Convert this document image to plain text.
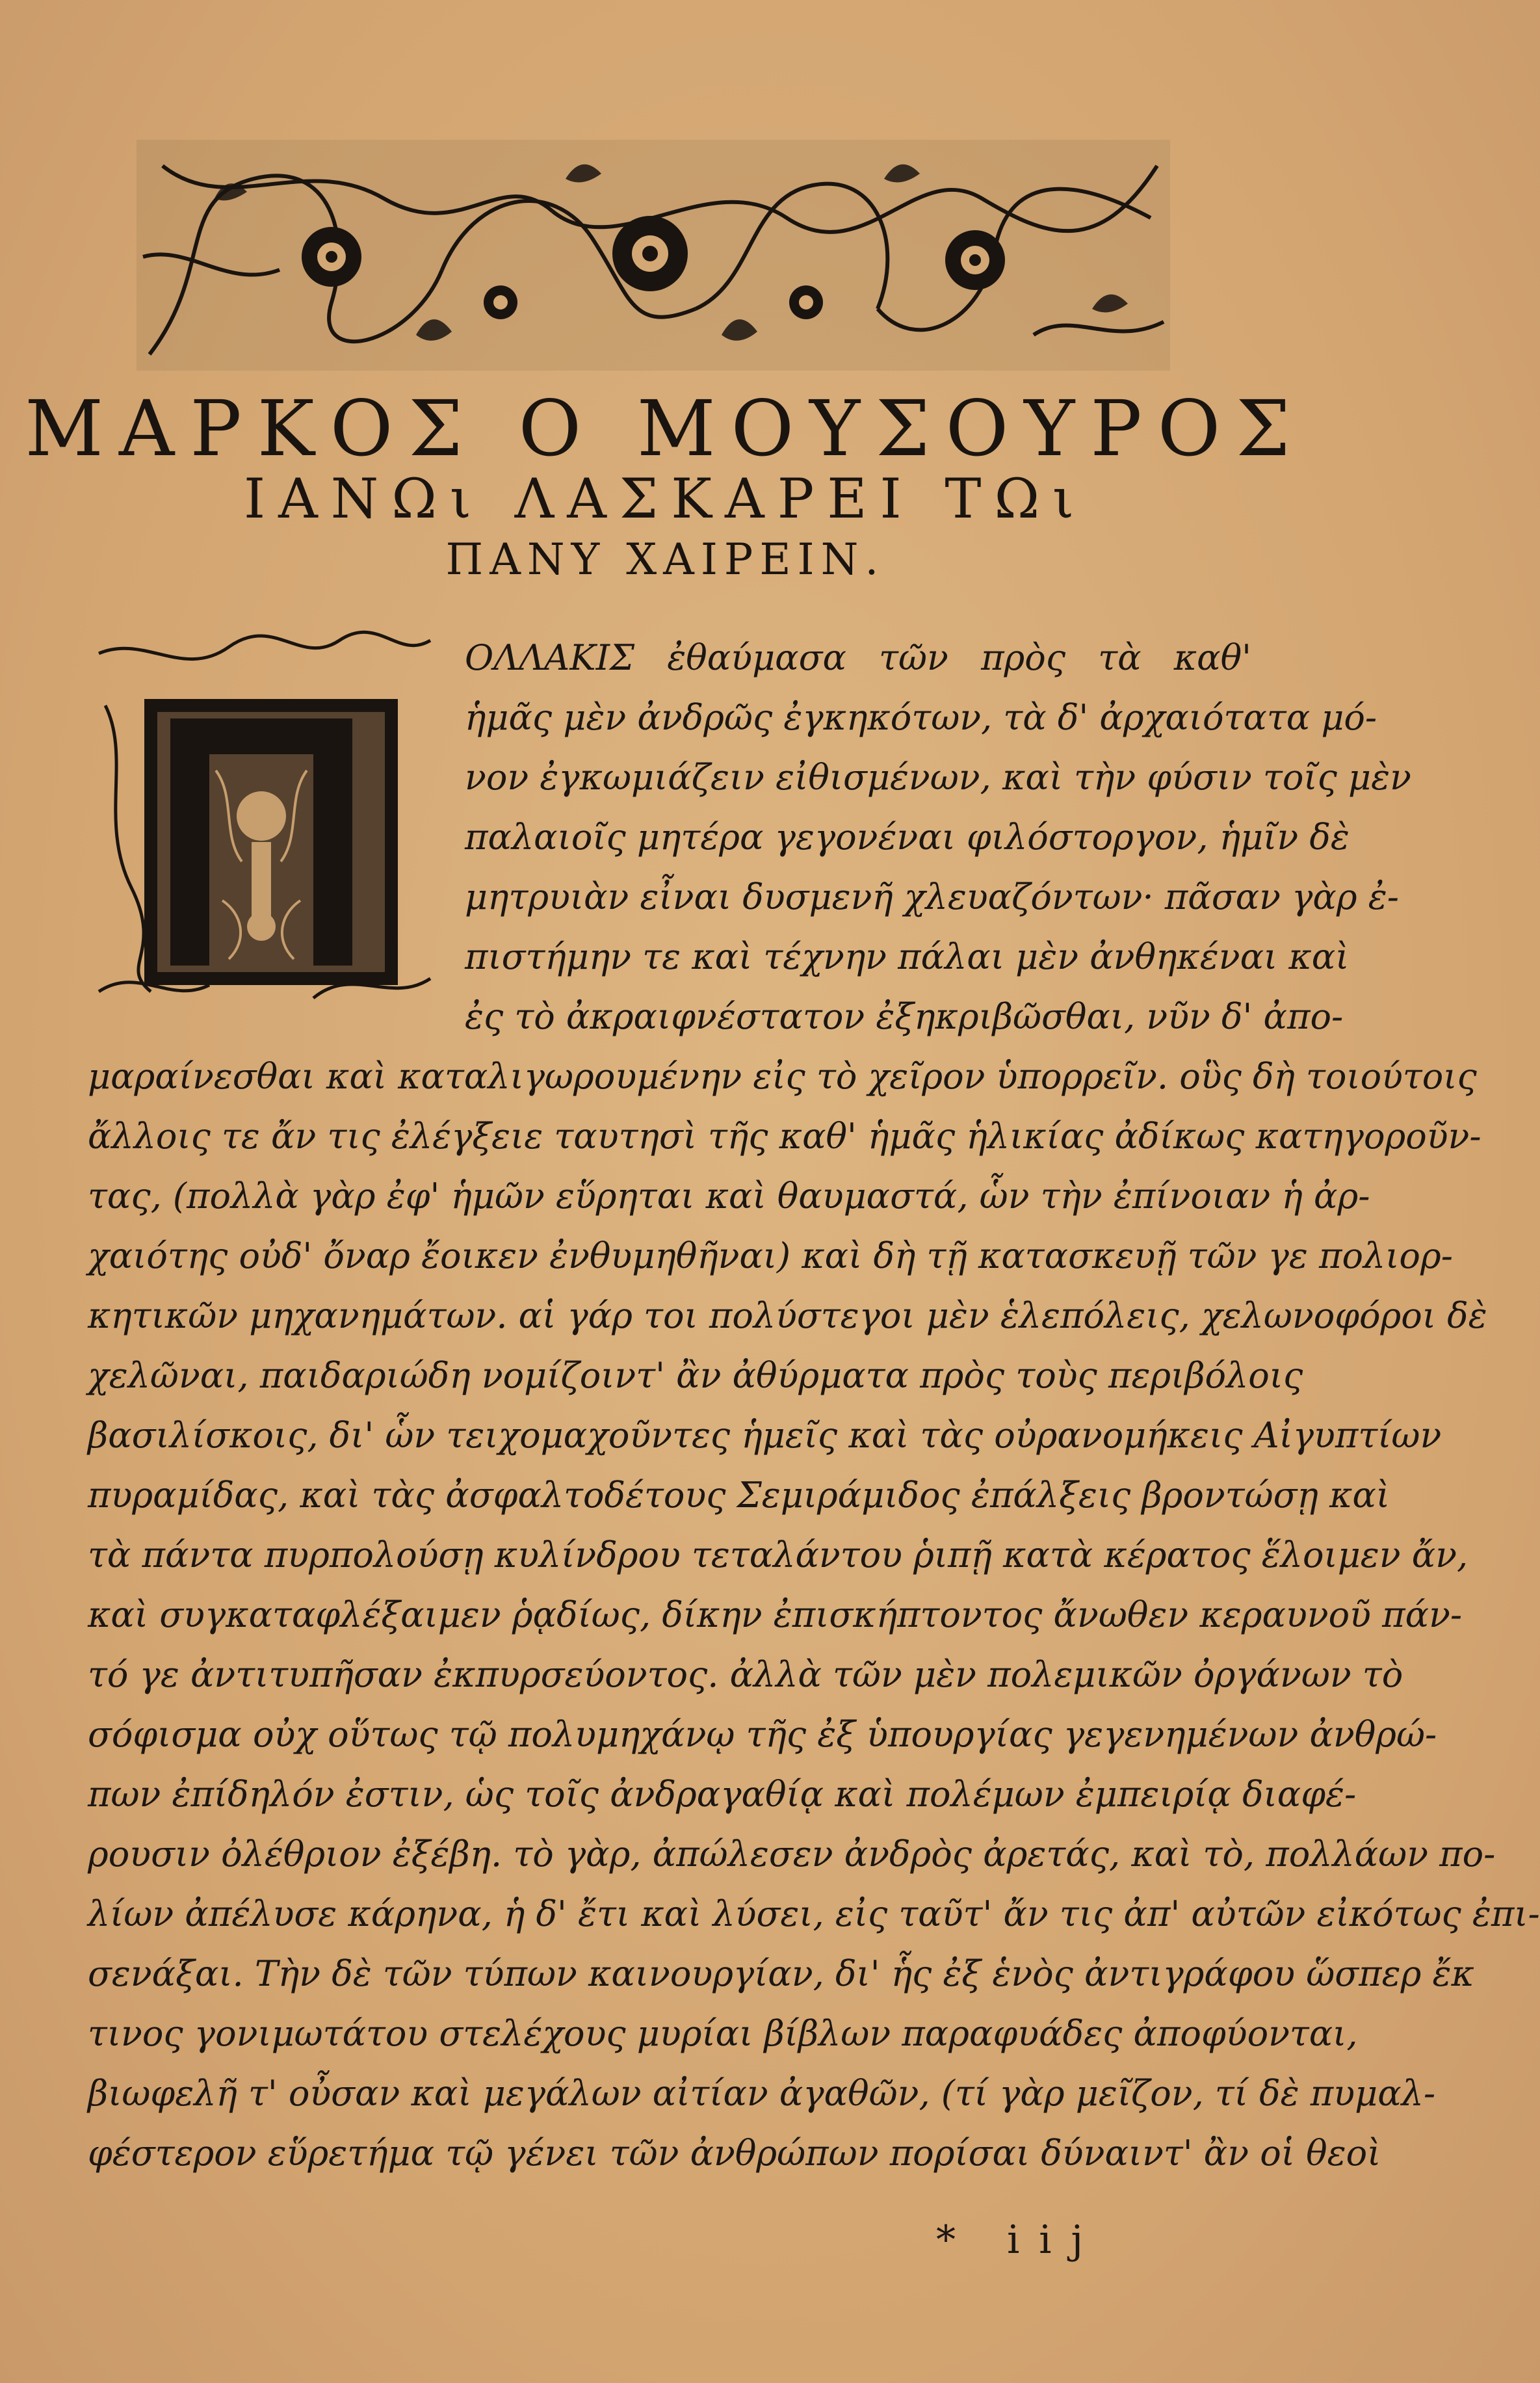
ΜΑΡΚΟΣ Ο ΜΟΥΣΟΥΡΟΣ
ΙΑΝΩι ΛΑΣΚΑΡΕΙ ΤΩι
ΠΑΝΥ ΧΑΙΡΕΙΝ.
ΟΛΛΑΚΙΣ ἐθαύμασα τῶν πρὸς τὰ καθ'
ἡμᾶς μὲν ἀνδρῶς ἐγκηκότων, τὰ δ' ἀρχαιότατα μό-
νον ἐγκωμιάζειν εἰθισμένων, καὶ τὴν φύσιν τοῖς μὲν
παλαιοῖς μητέρα γεγονέναι φιλόστοργον, ἡμῖν δὲ
μητρυιὰν εἶναι δυσμενῆ χλευαζόντων· πᾶσαν γὰρ ἐ-
πιστήμην τε καὶ τέχνην πάλαι μὲν ἀνθηκέναι καὶ
ἐς τὸ ἀκραιφνέστατον ἐξηκριβῶσθαι, νῦν δ' ἀπο-
μαραίνεσθαι καὶ καταλιγωρουμένην εἰς τὸ χεῖρον ὑπορρεῖν. οὓς δὴ τοιούτοις
ἄλλοις τε ἄν τις ἐλέγξειε ταυτησὶ τῆς καθ' ἡμᾶς ἡλικίας ἀδίκως κατηγοροῦν-
τας, (πολλὰ γὰρ ἐφ' ἡμῶν εὕρηται καὶ θαυμαστά, ὧν τὴν ἐπίνοιαν ἡ ἀρ-
χαιότης οὐδ' ὄναρ ἔοικεν ἐνθυμηθῆναι) καὶ δὴ τῇ κατασκευῇ τῶν γε πολιορ-
κητικῶν μηχανημάτων. αἱ γάρ τοι πολύστεγοι μὲν ἑλεπόλεις, χελωνοφόροι δὲ
χελῶναι, παιδαριώδη νομίζοιντ' ἂν ἀθύρματα πρὸς τοὺς περιβόλοις
βασιλίσκοις, δι' ὧν τειχομαχοῦντες ἡμεῖς καὶ τὰς οὐρανομήκεις Αἰγυπτίων
πυραμίδας, καὶ τὰς ἀσφαλτοδέτους Σεμιράμιδος ἐπάλξεις βροντώσῃ καὶ
τὰ πάντα πυρπολούσῃ κυλίνδρου τεταλάντου ῥιπῇ κατὰ κέρατος ἕλοιμεν ἄν,
καὶ συγκαταφλέξαιμεν ῥᾳδίως, δίκην ἐπισκήπτοντος ἄνωθεν κεραυνοῦ πάν-
τό γε ἀντιτυπῆσαν ἐκπυρσεύοντος. ἀλλὰ τῶν μὲν πολεμικῶν ὀργάνων τὸ
σόφισμα οὐχ οὕτως τῷ πολυμηχάνῳ τῆς ἐξ ὑπουργίας γεγενημένων ἀνθρώ-
πων ἐπίδηλόν ἐστιν, ὡς τοῖς ἀνδραγαθίᾳ καὶ πολέμων ἐμπειρίᾳ διαφέ-
ρουσιν ὀλέθριον ἐξέβη. τὸ γὰρ, ἀπώλεσεν ἀνδρὸς ἀρετάς, καὶ τὸ, πολλάων πο-
λίων ἀπέλυσε κάρηνα, ἡ δ' ἔτι καὶ λύσει, εἰς ταῦτ' ἄν τις ἀπ' αὐτῶν εἰκότως ἐπι-
σενάξαι. Τὴν δὲ τῶν τύπων καινουργίαν, δι' ἧς ἐξ ἑνὸς ἀντιγράφου ὥσπερ ἔκ
τινος γονιμωτάτου στελέχους μυρίαι βίβλων παραφυάδες ἀποφύονται,
βιωφελῆ τ' οὖσαν καὶ μεγάλων αἰτίαν ἀγαθῶν, (τί γὰρ μεῖζον, τί δὲ πυμαλ-
φέστερον εὕρετήμα τῷ γένει τῶν ἀνθρώπων πορίσαι δύναιντ' ἂν οἱ θεοὶ
* iij
